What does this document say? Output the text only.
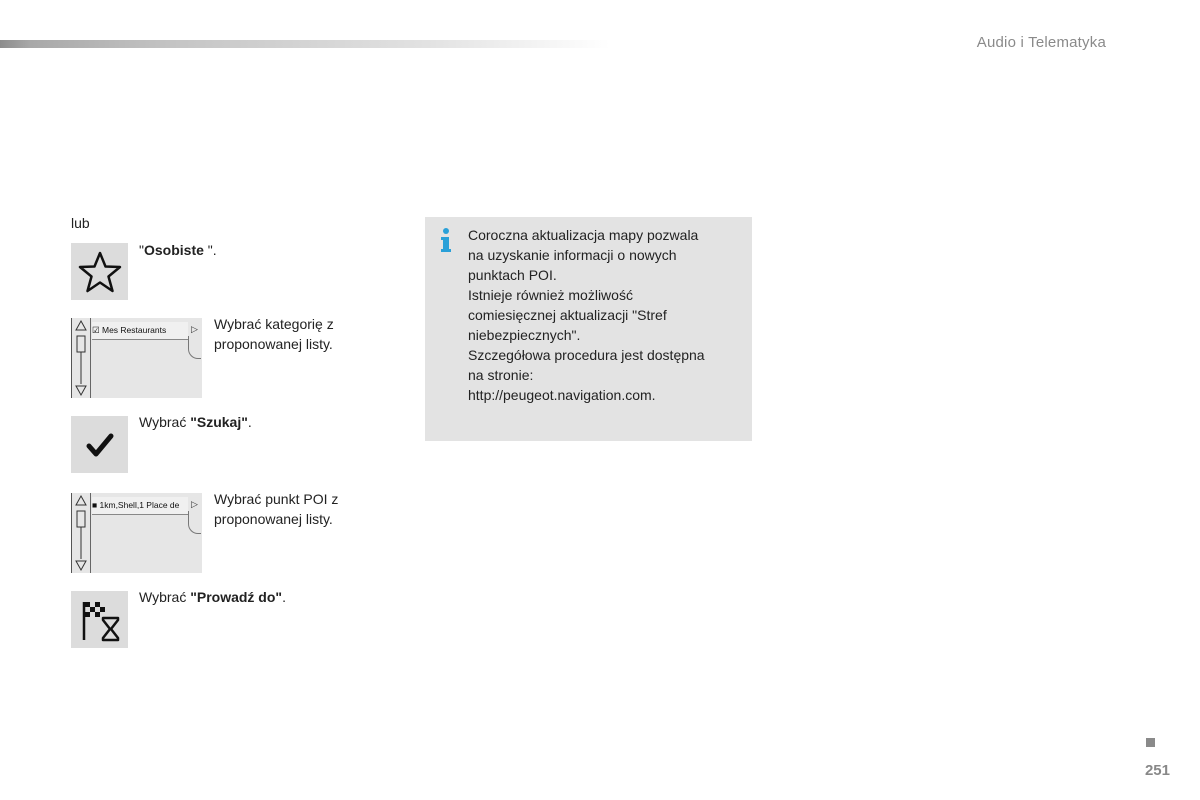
Audio i Telematyka
lub
"Osobiste ".
☑ Mes Restaurants	▷ Wybrać kategorię z
proponowanej listy.
Wybrać "Szukaj".
■ 1km,Shell,1 Place de	▷ Wybrać punkt POI z
proponowanej listy.
Wybrać "Prowadź do".
Coroczna aktualizacja mapy pozwala
na uzyskanie informacji o nowych
punktach POI.
Istnieje również możliwość
comiesięcznej aktualizacji "Stref
niebezpiecznych".
Szczegółowa procedura jest dostępna
na stronie:
http://peugeot.navigation.com.
251
